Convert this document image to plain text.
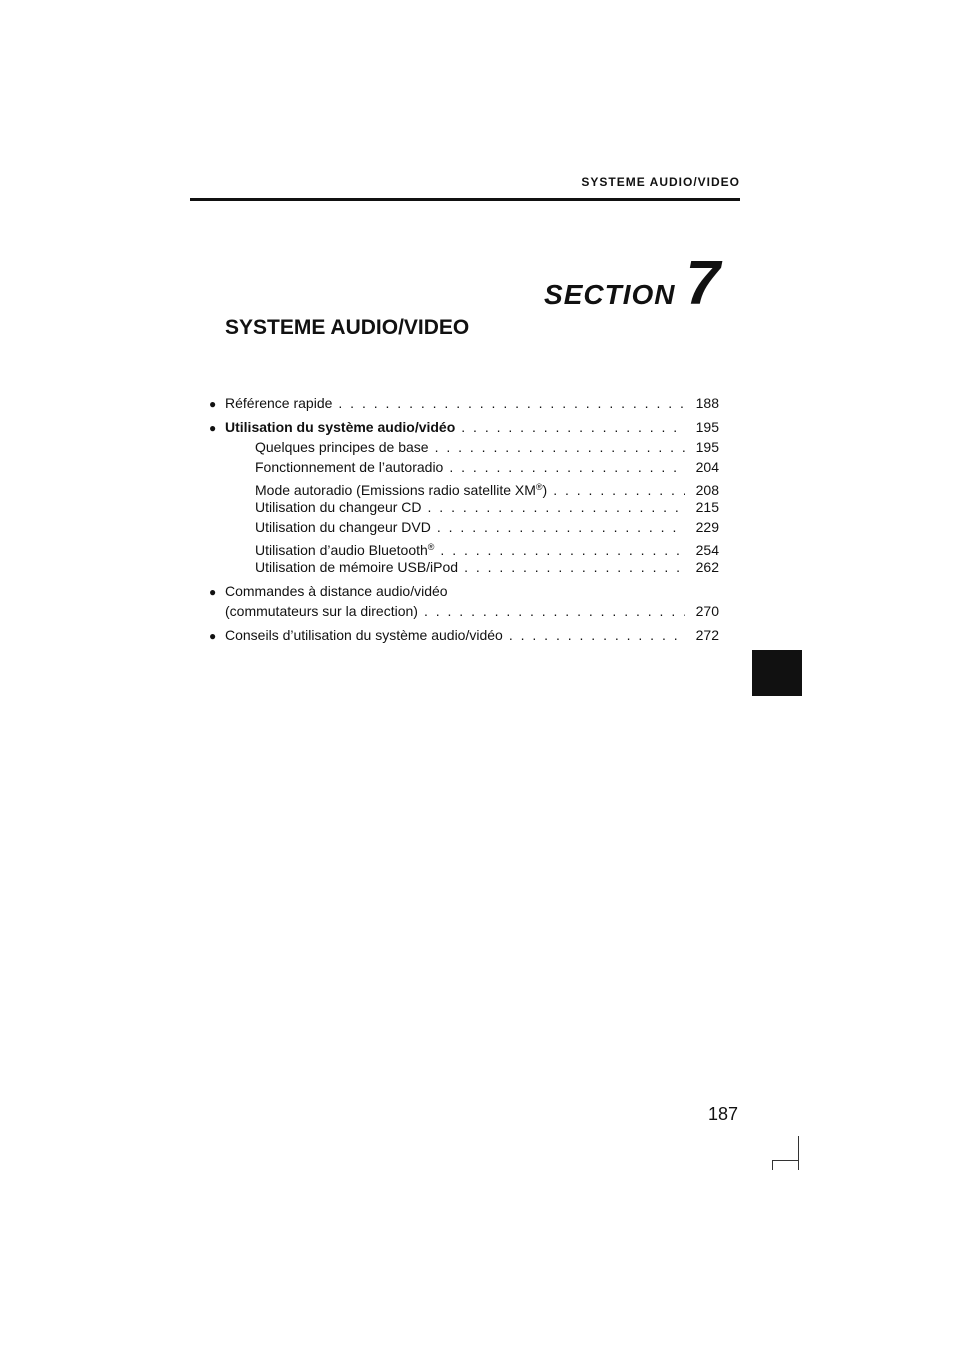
SYSTEME AUDIO/VIDEO
SECTION 7
SYSTEME AUDIO/VIDEO
● Référence rapide . . .	188
● Utilisation du système audio/vidéo . . .	195
Quelques principes de base . . .	195
Fonctionnement de l’autoradio . . .	204
Mode autoradio (Emissions radio satellite XM®) . . .	208
Utilisation du changeur CD . . .	215
Utilisation du changeur DVD . . .	229
Utilisation d’audio Bluetooth® . . .	254
Utilisation de mémoire USB/iPod . . .	262
● Commandes à distance audio/vidéo
(commutateurs sur la direction) . . .	270
● Conseils d’utilisation du système audio/vidéo . . .	272
187
